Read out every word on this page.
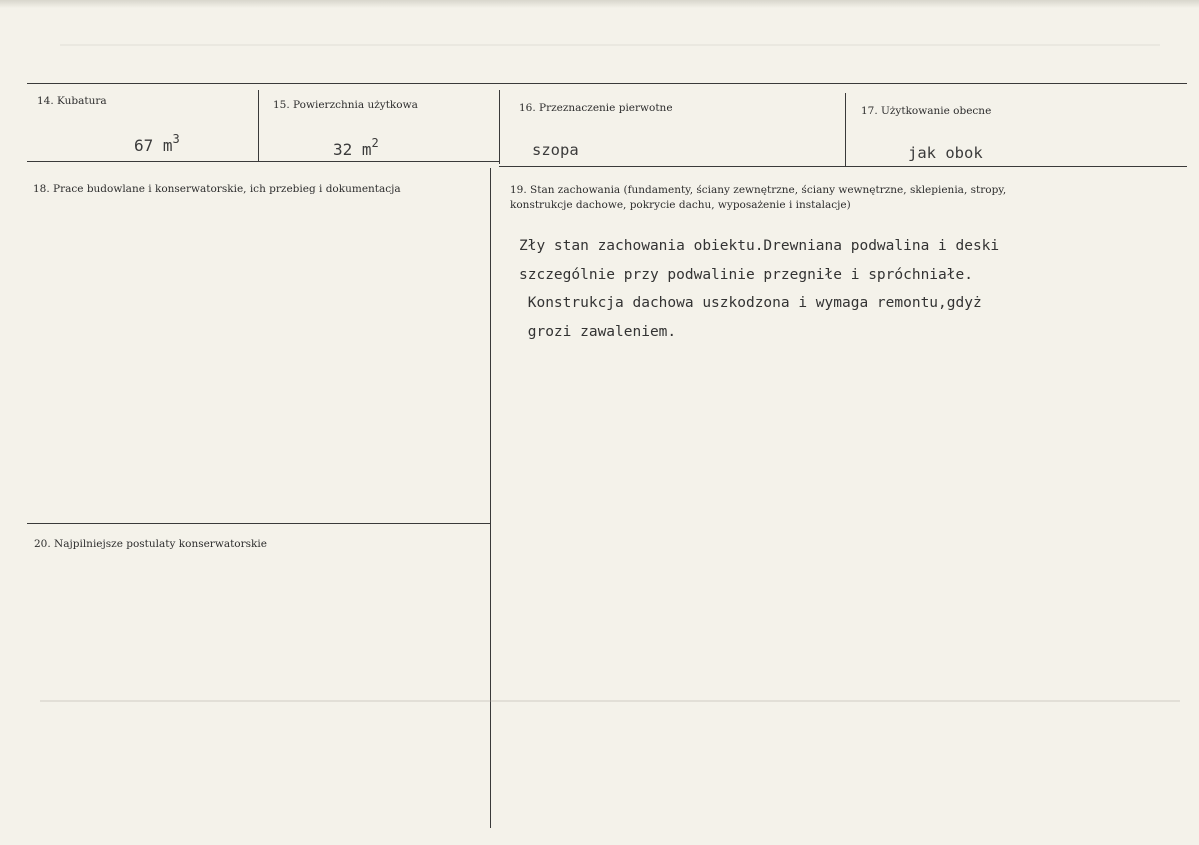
14. Kubatura
67 $m^3$
15. Powierzchnia użytkowa
32 $m^2$
16. Przeznaczenie pierwotne
szopa
17. Użytkowanie obecne
jak obok
18. Prace budowlane i konserwatorskie, ich przebieg i dokumentacja	19. Stan zachowania (fundamenty, ściany zewnętrzne, ściany wewnętrzne, sklepienia, stropy, konstrukcje dachowe, pokrycie dachu, wyposażenie i instalacje)
Zły stan zachowania obiektu.Drewniana podwalina i deski
szczególnie przy podwalinie przegniłe i spróchniałe.
Konstrukcja dachowa uszkodzona i wymaga remontu,gdyż
grozi zawaleniem.
20. Najpilniejsze postulaty konserwatorskie
